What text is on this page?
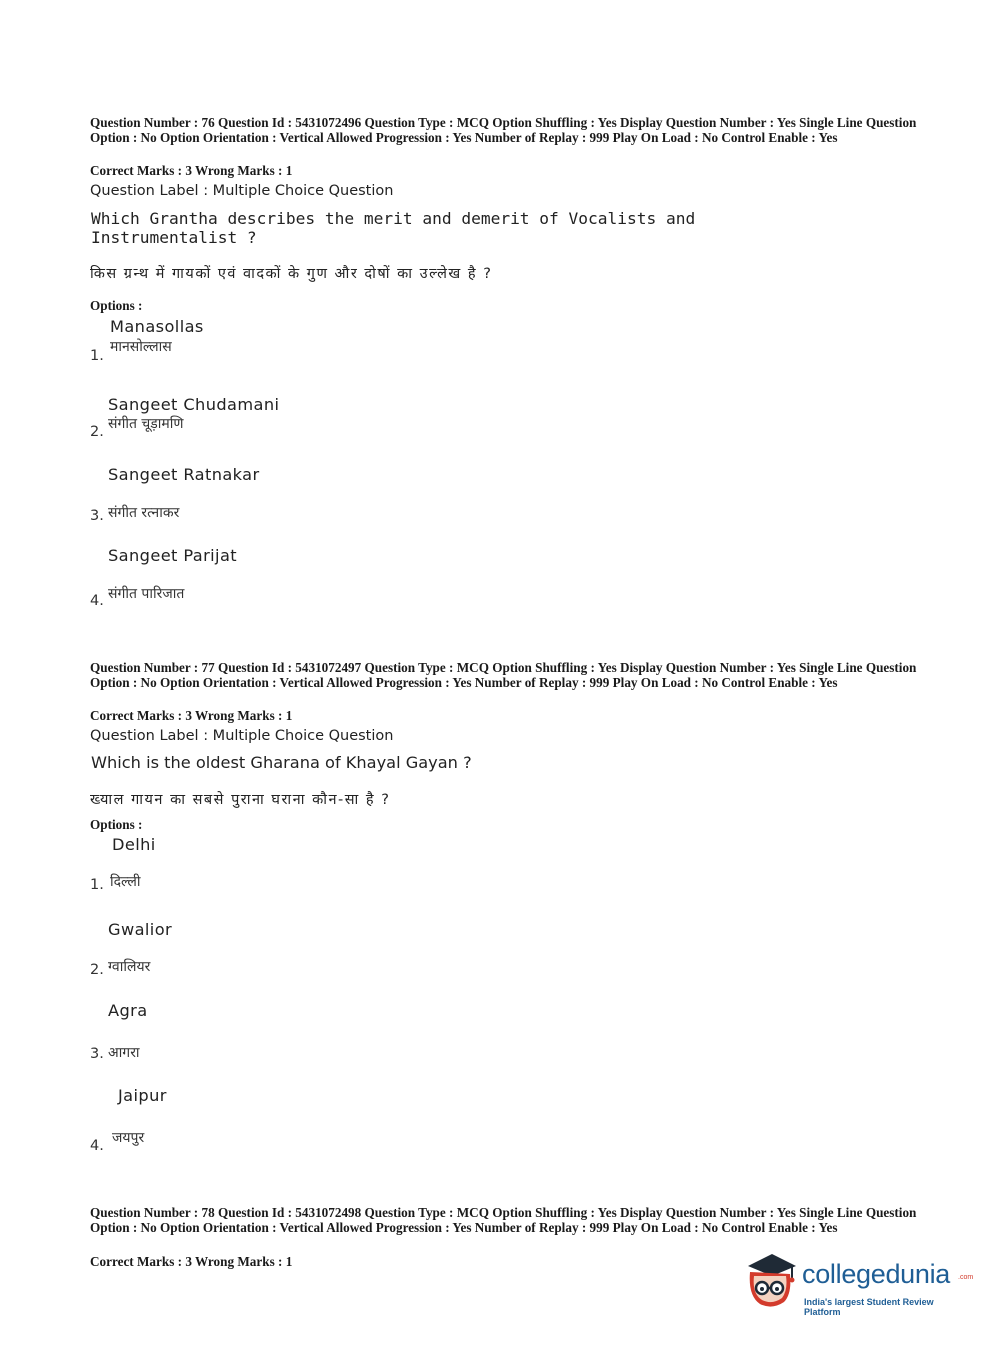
Question Number : 76 Question Id : 5431072496 Question Type : MCQ Option Shuffling : Yes Display Question Number : Yes Single Line Question Option : No Option Orientation : Vertical Allowed Progression : Yes Number of Replay : 999 Play On Load : No Control Enable : Yes
Correct Marks : 3 Wrong Marks : 1
Question Label : Multiple Choice Question
Which Grantha describes the merit and demerit of Vocalists and Instrumentalist ?
किस ग्रन्थ में गायकों एवं वादकों के गुण और दोषों का उल्लेख है ?
Options :
Manasollas
मानसोल्लास
1.
Sangeet Chudamani
संगीत चूड़ामणि
2.
Sangeet Ratnakar
संगीत रत्नाकर
3.
Sangeet Parijat
संगीत पारिजात
4.
Question Number : 77 Question Id : 5431072497 Question Type : MCQ Option Shuffling : Yes Display Question Number : Yes Single Line Question Option : No Option Orientation : Vertical Allowed Progression : Yes Number of Replay : 999 Play On Load : No Control Enable : Yes
Correct Marks : 3 Wrong Marks : 1
Question Label : Multiple Choice Question
Which is the oldest Gharana of Khayal Gayan ?
ख्याल गायन का सबसे पुराना घराना कौन-सा है ?
Options :
Delhi
दिल्ली
1.
Gwalior
ग्वालियर
2.
Agra
आगरा
3.
Jaipur
जयपुर
4.
Question Number : 78 Question Id : 5431072498 Question Type : MCQ Option Shuffling : Yes Display Question Number : Yes Single Line Question Option : No Option Orientation : Vertical Allowed Progression : Yes Number of Replay : 999 Play On Load : No Control Enable : Yes
Correct Marks : 3 Wrong Marks : 1	collegedunia .com
India's largest Student Review Platform
